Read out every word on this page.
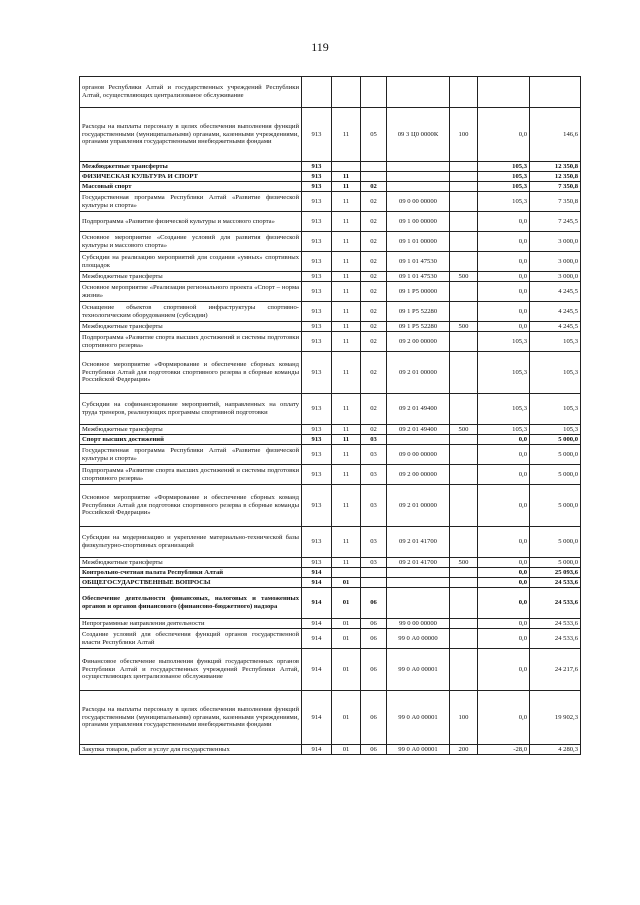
119
органов Республики Алтай и государственных учреждений Республики Алтай, осуществляющих централизованое обслуживание							
Расходы на выплаты персоналу в целях обеспечения выполнения функций государственными (муниципальными) органами, казенными учреждениями, органами управления государственными внебюджетными фондами	913	11	05	09 3 Ц0 0000К	100	0,0	146,6
Межбюджетные трансферты	913					105,3	12 350,8
ФИЗИЧЕСКАЯ КУЛЬТУРА И СПОРТ	913	11				105,3	12 350,8
Массовый спорт	913	11	02			105,3	7 350,8
Государственная программа Республики Алтай «Развитие физической культуры и спорта»	913	11	02	09 0 00 00000		105,3	7 350,8
Подпрограмма «Развитие физической культуры и массового спорта»	913	11	02	09 1 00 00000		0,0	7 245,5
Основное мероприятие «Создание условий для развития физической культуры и массового спорта»	913	11	02	09 1 01 00000		0,0	3 000,0
Субсидии на реализацию мероприятий для создания «умных» спортивных площадок	913	11	02	09 1 01 47530		0,0	3 000,0
Межбюджетные трансферты	913	11	02	09 1 01 47530	500	0,0	3 000,0
Основное мероприятие «Реализация регионального проекта «Спорт – норма жизни»	913	11	02	09 1 P5 00000		0,0	4 245,5
Оснащение объектов спортивной инфраструктуры спортивно-технологическим оборудованием (субсидии)	913	11	02	09 1 P5 52280		0,0	4 245,5
Межбюджетные трансферты	913	11	02	09 1 P5 52280	500	0,0	4 245,5
Подпрограмма «Развитие спорта высших достижений и системы подготовки спортивного резерва»	913	11	02	09 2 00 00000		105,3	105,3
Основное мероприятие «Формирование и обеспечение сборных команд Республики Алтай для подготовки спортивного резерва в сборные команды Российской Федерации»	913	11	02	09 2 01 00000		105,3	105,3
Субсидии на софинансирование мероприятий, направленных на оплату труда тренеров, реализующих программы спортивной подготовки	913	11	02	09 2 01 49400		105,3	105,3
Межбюджетные трансферты	913	11	02	09 2 01 49400	500	105,3	105,3
Спорт высших достижений	913	11	03			0,0	5 000,0
Государственная программа Республики Алтай «Развитие физической культуры и спорта»	913	11	03	09 0 00 00000		0,0	5 000,0
Подпрограмма «Развитие спорта высших достижений и системы подготовки спортивного резерва»	913	11	03	09 2 00 00000		0,0	5 000,0
Основное мероприятие «Формирование и обеспечение сборных команд Республики Алтай для подготовки спортивного резерва в сборные команды Российской Федерации»	913	11	03	09 2 01 00000		0,0	5 000,0
Субсидии на модернизацию и укрепление материально-технической базы физкультурно-спортивных организаций	913	11	03	09 2 01 41700		0,0	5 000,0
Межбюджетные трансферты	913	11	03	09 2 01 41700	500	0,0	5 000,0
Контрольно-счетная палата Республики Алтай	914					0,0	25 093,6
ОБЩЕГОСУДАРСТВЕННЫЕ ВОПРОСЫ	914	01				0,0	24 533,6
Обеспечение деятельности финансовых, налоговых и таможенных органов и органов финансового (финансово-бюджетного) надзора	914	01	06			0,0	24 533,6
Непрограммные направления деятельности	914	01	06	99 0 00 00000		0,0	24 533,6
Создание условий для обеспечения функций органов государственной власти Республики Алтай	914	01	06	99 0 А0 00000		0,0	24 533,6
Финансовое обеспечение выполнения функций государственных органов Республики Алтай и государственных учреждений Республики Алтай, осуществляющих централизованое обслуживание	914	01	06	99 0 А0 00001		0,0	24 217,6
Расходы на выплаты персоналу в целях обеспечения выполнения функций государственными (муниципальными) органами, казенными учреждениями, органами управления государственными внебюджетными фондами	914	01	06	99 0 А0 00001	100	0,0	19 902,3
Закупка товаров, работ и услуг для государственных	914	01	06	99 0 А0 00001	200	-28,0	4 280,3
